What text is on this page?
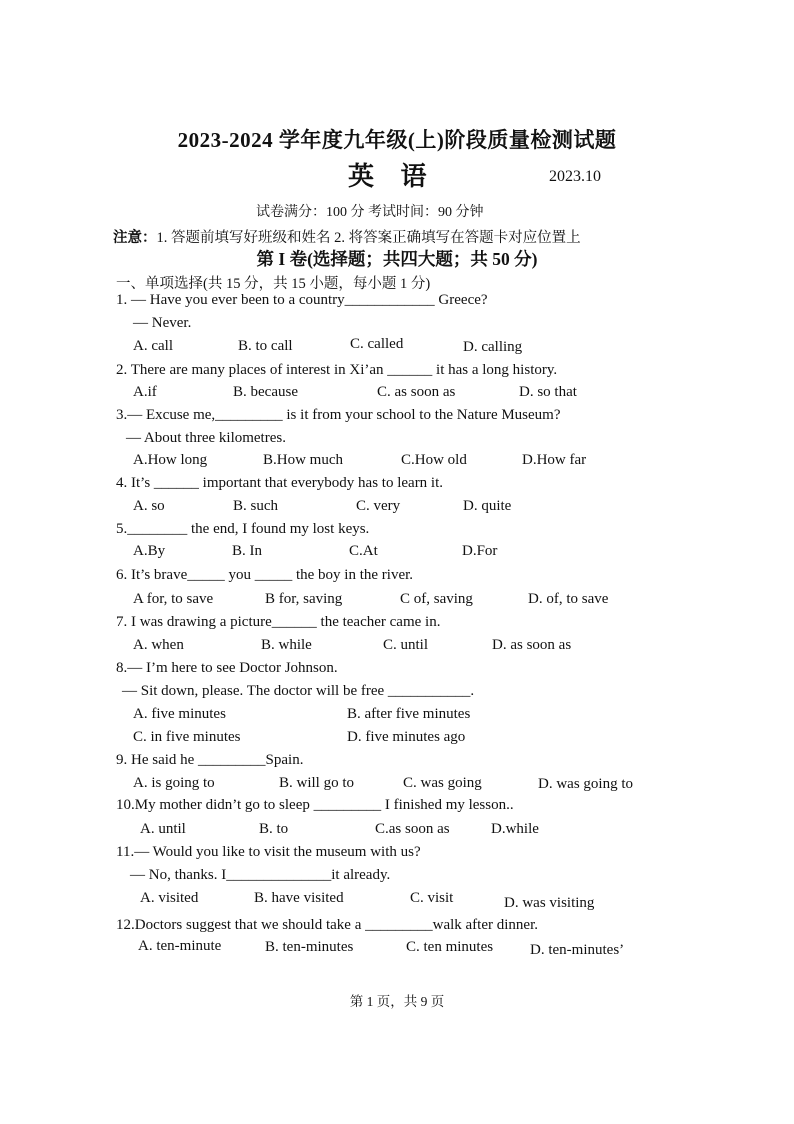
2023-2024 学年度九年级(上)阶段质量检测试题
英 语	2023.10
试卷满分：100 分 考试时间：90 分钟
注意：1. 答题前填写好班级和姓名 2. 将答案正确填写在答题卡对应位置上
第 I 卷(选择题；共四大题；共 50 分)
一、单项选择(共 15 分，共 15 小题，每小题 1 分)
1. — Have you ever been to a country____________ Greece?
— Never.
A. call	B. to call	C. called	D. calling
2. There are many places of interest in Xi’an ______ it has a long history.
A.if	B. because	C. as soon as	D. so that
3.— Excuse me,_________ is it from your school to the Nature Museum?
— About three kilometres.
A.How long	B.How much	C.How old	D.How far
4. It’s ______ important that everybody has to learn it.
A. so	B. such	C. very	D. quite
5.________ the end, I found my lost keys.
A.By	B. In	C.At	D.For
6. It’s brave_____ you _____ the boy in the river.
A for, to save	B for, saving	C of, saving	D. of, to save
7. I was drawing a picture______ the teacher came in.
A. when	B. while	C. until	D. as soon as
8.— I’m here to see Doctor Johnson.
— Sit down, please. The doctor will be free ___________.
A. five minutes	B. after five minutes
C. in five minutes	D. five minutes ago
9. He said he _________Spain.
A. is going to	B. will go to	C. was going	D. was going to
10.My mother didn’t go to sleep _________ I finished my lesson..
A. until	B. to	C.as soon as	D.while
11.— Would you like to visit the museum with us?
— No, thanks. I______________it already.
A. visited	B. have visited	C. visit	D. was visiting
12.Doctors suggest that we should take a _________walk after dinner.
A. ten-minute	B. ten-minutes	C. ten minutes D. ten-minutes’
第 1 页，共 9 页
